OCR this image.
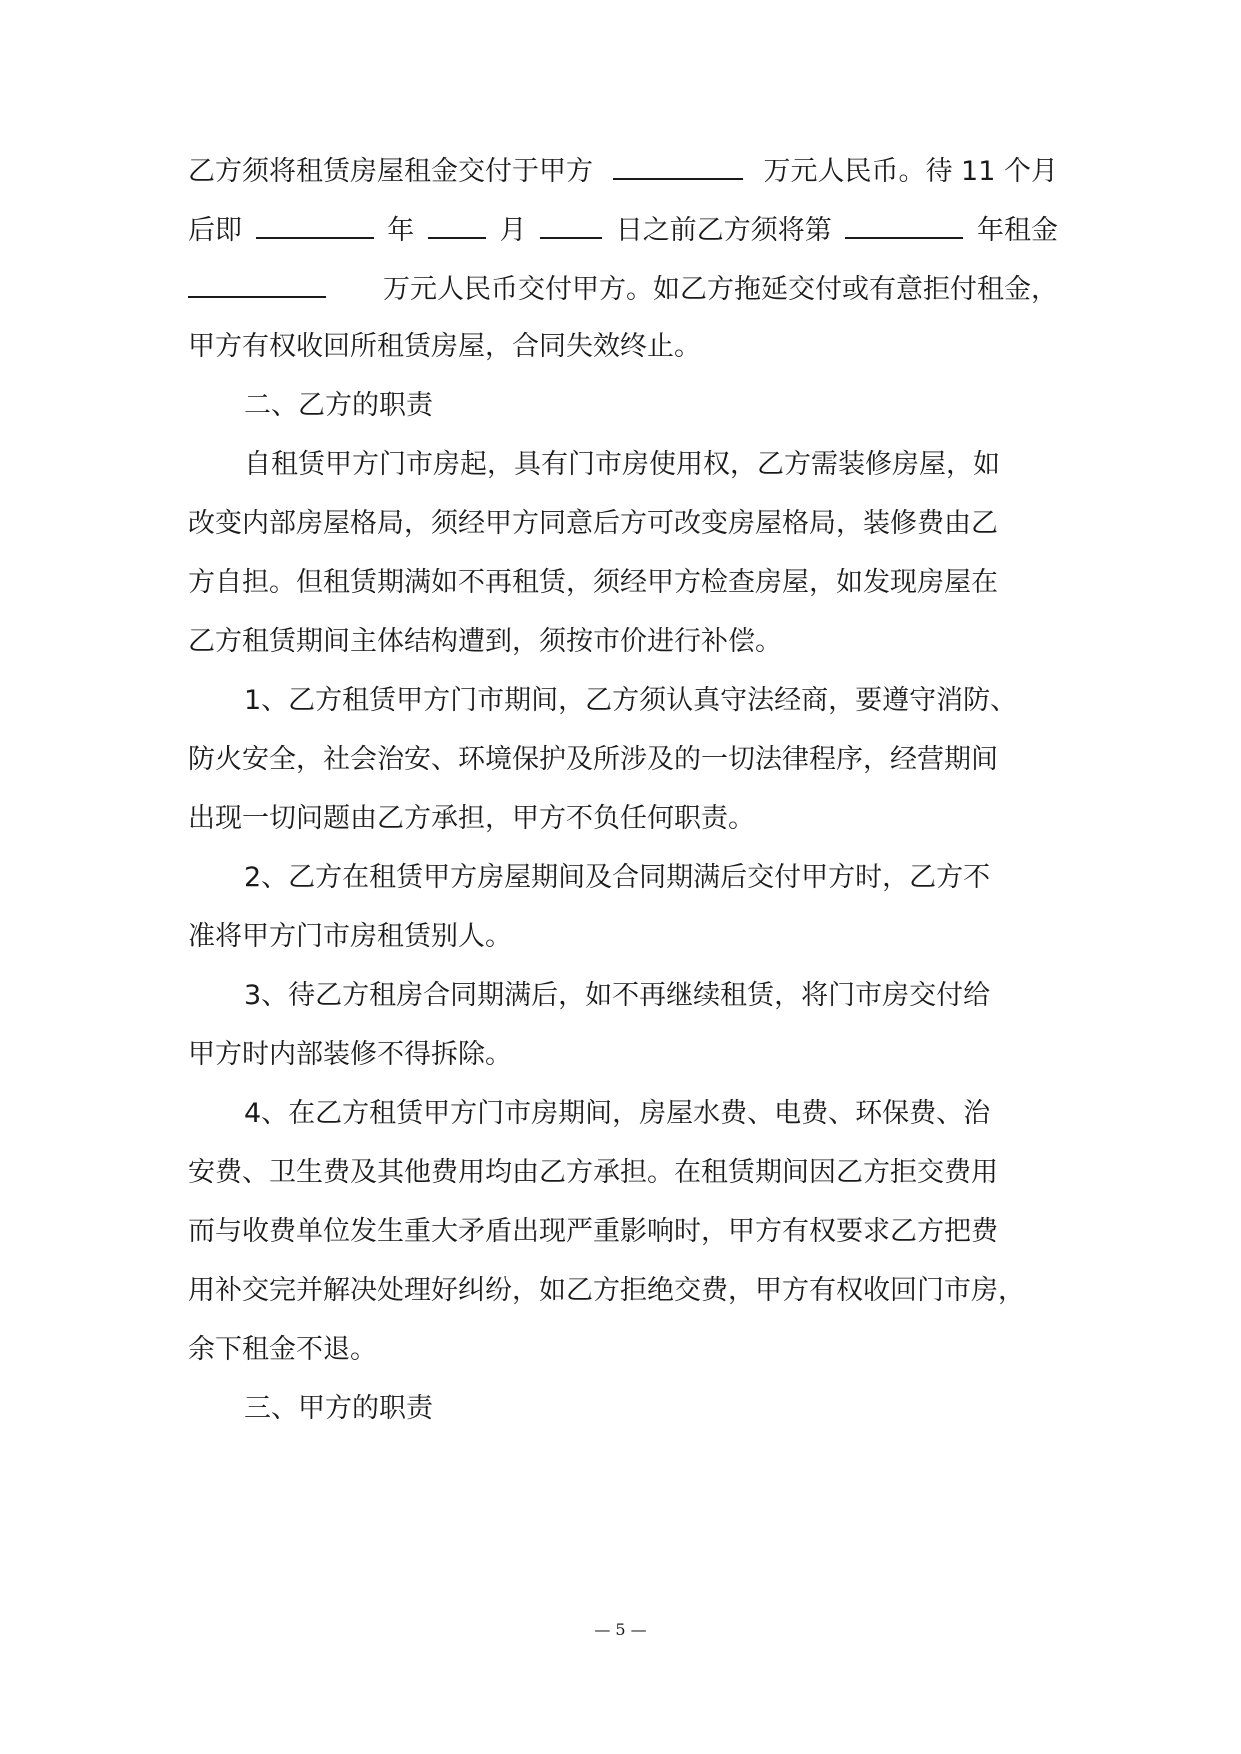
乙方须将租赁房屋租金交付于甲方	万元人民币。待 11 个月
后即	年	月	日之前乙方须将第	年租金
万元人民币交付甲方。如乙方拖延交付或有意拒付租金，
甲方有权收回所租赁房屋，合同失效终止。
二、乙方的职责
自租赁甲方门市房起，具有门市房使用权，乙方需装修房屋，如
改变内部房屋格局，须经甲方同意后方可改变房屋格局，装修费由乙
方自担。但租赁期满如不再租赁，须经甲方检查房屋，如发现房屋在
乙方租赁期间主体结构遭到，须按市价进行补偿。
1、乙方租赁甲方门市期间，乙方须认真守法经商，要遵守消防、
防火安全，社会治安、环境保护及所涉及的一切法律程序，经营期间
出现一切问题由乙方承担，甲方不负任何职责。
2、乙方在租赁甲方房屋期间及合同期满后交付甲方时，乙方不
准将甲方门市房租赁别人。
3、待乙方租房合同期满后，如不再继续租赁，将门市房交付给
甲方时内部装修不得拆除。
4、在乙方租赁甲方门市房期间，房屋水费、电费、环保费、治
安费、卫生费及其他费用均由乙方承担。在租赁期间因乙方拒交费用
而与收费单位发生重大矛盾出现严重影响时，甲方有权要求乙方把费
用补交完并解决处理好纠纷，如乙方拒绝交费，甲方有权收回门市房，
余下租金不退。
三、甲方的职责
— 5 —
